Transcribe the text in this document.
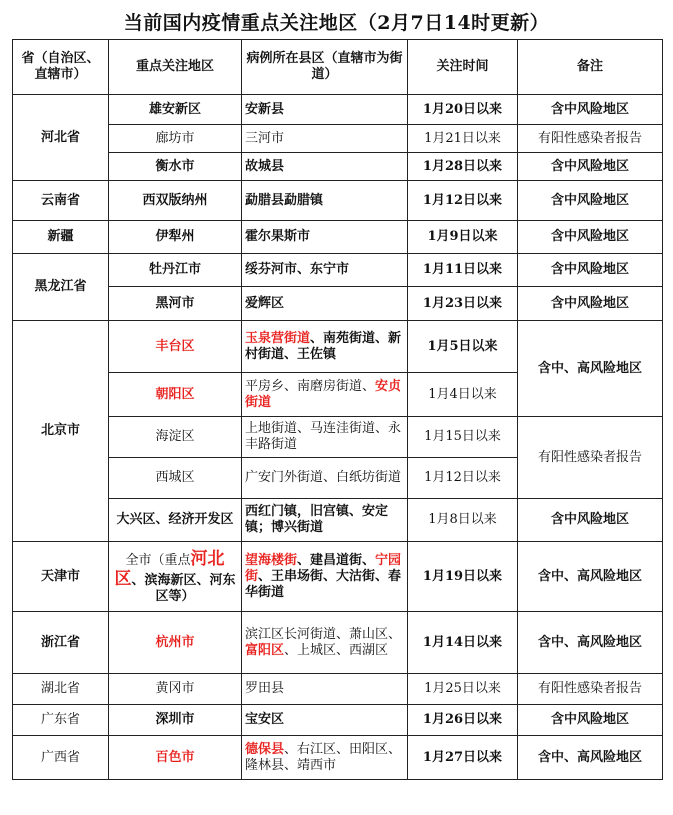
当前国内疫情重点关注地区（2月7日14时更新）
省（自治区、直辖市）	重点关注地区	病例所在县区（直辖市为街道）	关注时间	备注
河北省	雄安新区	安新县	1月20日以来	含中风险地区
	廊坊市	三河市	1月21日以来	有阳性感染者报告
	衡水市	故城县	1月28日以来	含中风险地区
云南省	西双版纳州	勐腊县勐腊镇	1月12日以来	含中风险地区
新疆	伊犁州	霍尔果斯市	1月9日以来	含中风险地区
黑龙江省	牡丹江市	绥芬河市、东宁市	1月11日以来	含中风险地区
	黑河市	爱辉区	1月23日以来	含中风险地区
北京市	丰台区	玉泉营街道、南苑街道、新村街道、王佐镇	1月5日以来	含中、高风险地区
	朝阳区	平房乡、南磨房街道、安贞街道	1月4日以来	
	海淀区	上地街道、马连洼街道、永丰路街道	1月15日以来	有阳性感染者报告
	西城区	广安门外街道、白纸坊街道	1月12日以来	
	大兴区、经济开发区	西红门镇，旧宫镇、安定镇；博兴街道	1月8日以来	含中风险地区
天津市	全市（重点河北区、滨海新区、河东区等）	望海楼街、建昌道街、宁园街、王串场街、大沽街、春华街道	1月19日以来	含中、高风险地区
浙江省	杭州市	滨江区长河街道、萧山区、富阳区、上城区、西湖区	1月14日以来	含中、高风险地区
湖北省	黄冈市	罗田县	1月25日以来	有阳性感染者报告
广东省	深圳市	宝安区	1月26日以来	含中风险地区
广西省	百色市	德保县、右江区、田阳区、隆林县、靖西市	1月27日以来	含中、高风险地区
